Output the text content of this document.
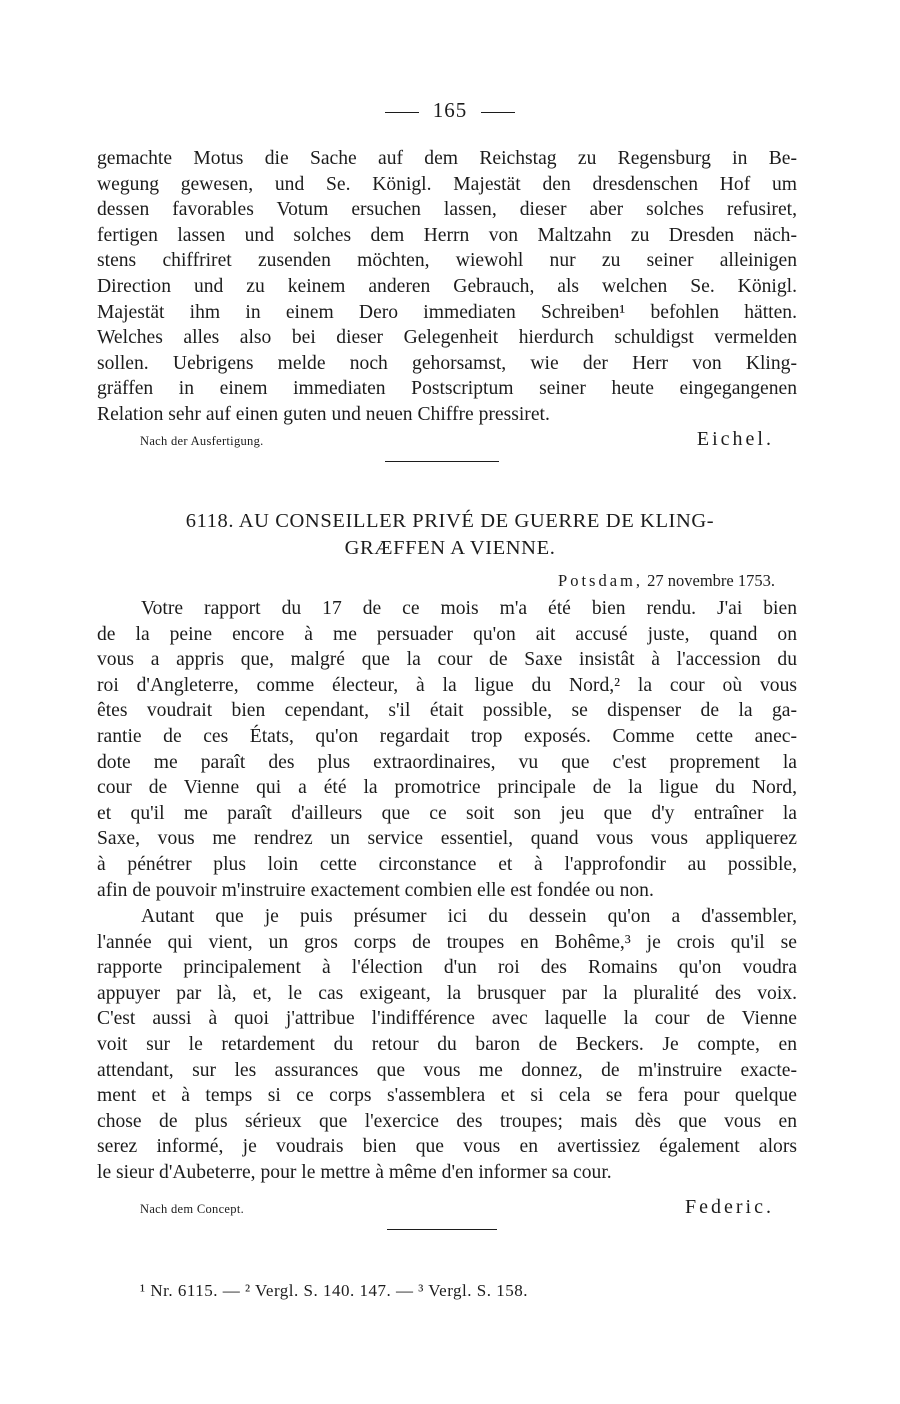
165
gemachte Motus die Sache auf dem Reichstag zu Regensburg in Be-
wegung gewesen, und Se. Königl. Majestät den dresdenschen Hof um
dessen favorables Votum ersuchen lassen, dieser aber solches refusiret,
fertigen lassen und solches dem Herrn von Maltzahn zu Dresden näch-
stens chiffriret zusenden möchten, wiewohl nur zu seiner alleinigen
Direction und zu keinem anderen Gebrauch, als welchen Se. Königl.
Majestät ihm in einem Dero immediaten Schreiben¹ befohlen hätten.
Welches alles also bei dieser Gelegenheit hierdurch schuldigst vermelden
sollen. Uebrigens melde noch gehorsamst, wie der Herr von Kling-
gräffen in einem immediaten Postscriptum seiner heute eingegangenen
Relation sehr auf einen guten und neuen Chiffre pressiret.
Nach der Ausfertigung.	Eichel.
6118. AU CONSEILLER PRIVÉ DE GUERRE DE KLING-
GRÆFFEN A VIENNE.
Potsdam, 27 novembre 1753.
Votre rapport du 17 de ce mois m'a été bien rendu. J'ai bien
de la peine encore à me persuader qu'on ait accusé juste, quand on
vous a appris que, malgré que la cour de Saxe insistât à l'accession du
roi d'Angleterre, comme électeur, à la ligue du Nord,² la cour où vous
êtes voudrait bien cependant, s'il était possible, se dispenser de la ga-
rantie de ces États, qu'on regardait trop exposés. Comme cette anec-
dote me paraît des plus extraordinaires, vu que c'est proprement la
cour de Vienne qui a été la promotrice principale de la ligue du Nord,
et qu'il me paraît d'ailleurs que ce soit son jeu que d'y entraîner la
Saxe, vous me rendrez un service essentiel, quand vous vous appliquerez
à pénétrer plus loin cette circonstance et à l'approfondir au possible,
afin de pouvoir m'instruire exactement combien elle est fondée ou non.
Autant que je puis présumer ici du dessein qu'on a d'assembler,
l'année qui vient, un gros corps de troupes en Bohême,³ je crois qu'il se
rapporte principalement à l'élection d'un roi des Romains qu'on voudra
appuyer par là, et, le cas exigeant, la brusquer par la pluralité des voix.
C'est aussi à quoi j'attribue l'indifférence avec laquelle la cour de Vienne
voit sur le retardement du retour du baron de Beckers. Je compte, en
attendant, sur les assurances que vous me donnez, de m'instruire exacte-
ment et à temps si ce corps s'assemblera et si cela se fera pour quelque
chose de plus sérieux que l'exercice des troupes; mais dès que vous en
serez informé, je voudrais bien que vous en avertissiez également alors
le sieur d'Aubeterre, pour le mettre à même d'en informer sa cour.
Nach dem Concept.	Federic.
¹ Nr. 6115. — ² Vergl. S. 140. 147. — ³ Vergl. S. 158.
